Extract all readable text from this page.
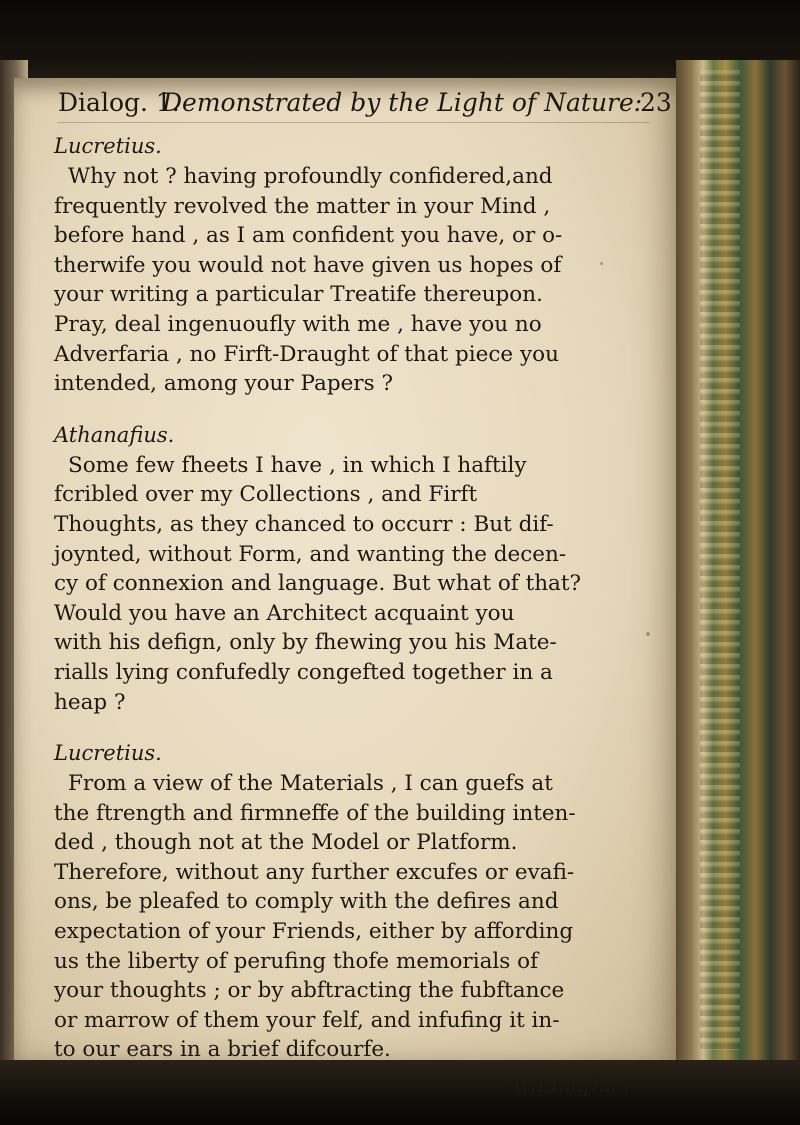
Dialog. 1.
Demonstrated by the Light of Nature:
23
Lucretius.
Why not ? having profoundly confidered,and
frequently revolved the matter in your Mind ,
before hand , as I am confident you have, or o-
therwife you would not have given us hopes of
your writing a particular Treatife thereupon.
Pray, deal ingenuoufly with me , have you no
Adverfaria , no Firft-Draught of that piece you
intended, among your Papers ?
Athanafius.
Some few fheets I have , in which I haftily
fcribled over my Collections , and Firft
Thoughts, as they chanced to occurr : But dif-
joynted, without Form, and wanting the decen-
cy of connexion and language. But what of that?
Would you have an Architect acquaint you
with his defign, only by fhewing you his Mate-
rialls lying confufedly congefted together in a
heap ?
Lucretius.
From a view of the Materials , I can guefs at
the ftrength and firmneffe of the building inten-
ded , though not at the Model or Platform.
Therefore, without any further excufes or evafi-
ons, be pleafed to comply with the defires and
expectation of your Friends, either by affording
us the liberty of perufing thofe memorials of
your thoughts ; or by abftracting the fubftance
or marrow of them your felf, and infufing it in-
to our ears in a brief difcourfe.
Athanafius.
